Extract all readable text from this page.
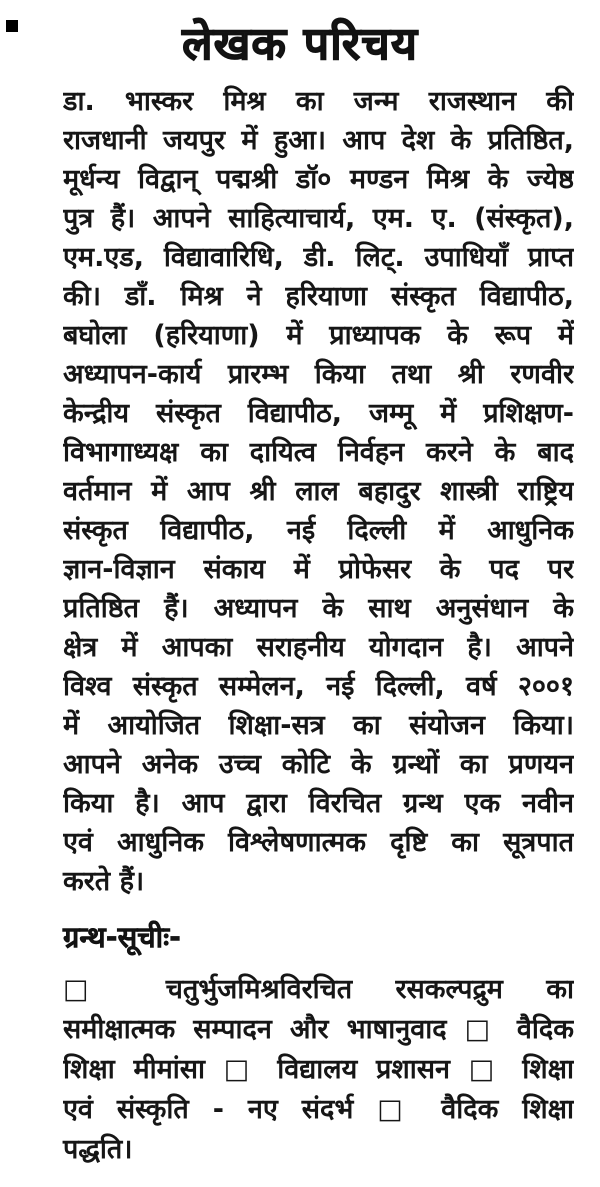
लेखक परिचय
डा. भास्कर मिश्र का जन्म राजस्थान की
राजधानी जयपुर में हुआ। आप देश के प्रतिष्ठित,
मूर्धन्य विद्वान् पद्मश्री डॉ० मण्डन मिश्र के ज्येष्ठ
पुत्र हैं। आपने साहित्याचार्य, एम. ए. (संस्कृत),
एम.एड, विद्यावारिधि, डी. लिट्. उपाधियाँ प्राप्त
की। डाँ. मिश्र ने हरियाणा संस्कृत विद्यापीठ,
बघोला (हरियाणा) में प्राध्यापक के रूप में
अध्यापन-कार्य प्रारम्भ किया तथा श्री रणवीर
केन्द्रीय संस्कृत विद्यापीठ, जम्मू में प्रशिक्षण-
विभागाध्यक्ष का दायित्व निर्वहन करने के बाद
वर्तमान में आप श्री लाल बहादुर शास्त्री राष्ट्रिय
संस्कृत विद्यापीठ, नई दिल्ली में आधुनिक
ज्ञान-विज्ञान संकाय में प्रोफेसर के पद पर
प्रतिष्ठित हैं। अध्यापन के साथ अनुसंधान के
क्षेत्र में आपका सराहनीय योगदान है। आपने
विश्व संस्कृत सम्मेलन, नई दिल्ली, वर्ष २००१
में आयोजित शिक्षा-सत्र का संयोजन किया।
आपने अनेक उच्च कोटि के ग्रन्थों का प्रणयन
किया है। आप द्वारा विरचित ग्रन्थ एक नवीन
एवं आधुनिक विश्लेषणात्मक दृष्टि का सूत्रपात
करते हैं।
ग्रन्थ-सूचीः-
□ चतुर्भुजमिश्रविरचित रसकल्पद्रुम का
समीक्षात्मक सम्पादन और भाषानुवाद □ वैदिक
शिक्षा मीमांसा □ विद्यालय प्रशासन □ शिक्षा
एवं संस्कृति - नए संदर्भ □ वैदिक शिक्षा
पद्धति।
